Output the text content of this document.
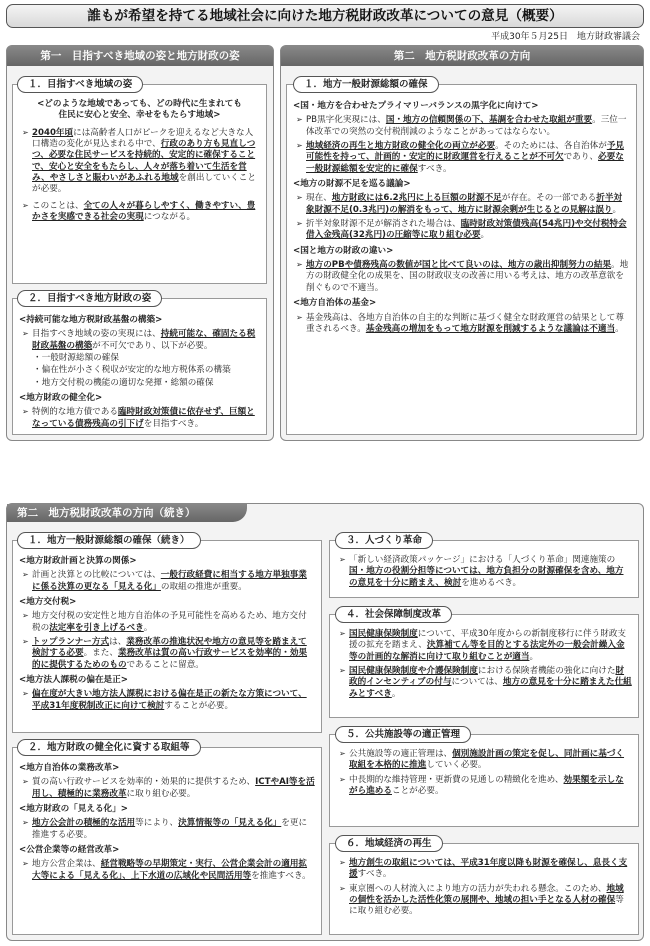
誰もが希望を持てる地域社会に向けた地方税財政改革についての意見（概要）
平成30年５月25日　地方財政審議会
第一　目指すべき地域の姿と地方財政の姿
<どのような地域であっても、どの時代に生まれても
住民に安心と安全、幸せをもたらす地域>
➢ 2040年頃には高齢者人口がピークを迎えるなど大きな人口構造の変化が見込まれる中で、行政のあり方も見直しつつ、必要な住民サービスを持続的、安定的に確保することで、安心と安全をもたらし、人々が落ち着いて生活を営み、やさしさと賑わいがあふれる地域を創出していくことが必要。
➢ このことは、全ての人々が暮らしやすく、働きやすい、豊かさを実感できる社会の実現につながる。
１．目指すべき地域の姿
<持続可能な地方税財政基盤の構築>
➢ 目指すべき地域の姿の実現には、持続可能な、確固たる税財政基盤の構築が不可欠であり、以下が必要。
・一般財源総額の確保
・偏在性が小さく税収が安定的な地方税体系の構築
・地方交付税の機能の適切な発揮・総額の確保
<地方財政の健全化>
➢ 特例的な地方債である臨時財政対策債に依存せず、巨額となっている債務残高の引下げを目指すべき。
２．目指すべき地方財政の姿
第二　地方税財政改革の方向
<国・地方を合わせたプライマリーバランスの黒字化に向けて>
➢ PB黒字化実現には、国・地方の信頼関係の下、基調を合わせた取組が重要。三位一体改革での突然の交付税削減のようなことがあってはならない。
➢ 地域経済の再生と地方財政の健全化の両立が必要。そのためには、各自治体が予見可能性を持って、計画的・安定的に財政運営を行えることが不可欠であり、必要な一般財源総額を安定的に確保すべき。
<地方の財源不足を巡る議論>
➢ 現在、地方財政には6.2兆円に上る巨額の財源不足が存在。その一部である折半対象財源不足(0.3兆円)の解消をもって、地方に財源余剰が生じるとの見解は誤り。
➢ 折半対象財源不足が解消された場合は、臨時財政対策債残高(54兆円)や交付税特会借入金残高(32兆円)の圧縮等に取り組む必要。
<国と地方の財政の違い>
➢ 地方のPBや債務残高の数値が国と比べて良いのは、地方の歳出抑制努力の結果。地方の財政健全化の成果を、国の財政収支の改善に用いる考えは、地方の改革意欲を削ぐもので不適当。
<地方自治体の基金>
➢ 基金残高は、各地方自治体の自主的な判断に基づく健全な財政運営の結果として尊重されるべき。基金残高の増加をもって地方財源を削減するような議論は不適当。
１．地方一般財源総額の確保
第二　地方税財政改革の方向（続き）
<地方財政計画と決算の関係>
➢ 計画と決算との比較については、一般行政経費に相当する地方単独事業に係る決算の更なる「見える化」の取組の推進が重要。
<地方交付税>
➢ 地方交付税の安定性と地方自治体の予見可能性を高めるため、地方交付税の法定率を引き上げるべき。
➢ トップランナー方式は、業務改革の推進状況や地方の意見等を踏まえて検討する必要。また、業務改革は質の高い行政サービスを効率的・効果的に提供するためのものであることに留意。
<地方法人課税の偏在是正>
➢ 偏在度が大きい地方法人課税における偏在是正の新たな方策について、平成31年度税制改正に向けて検討することが必要。
１．地方一般財源総額の確保（続き）
<地方自治体の業務改革>
➢ 質の高い行政サービスを効率的・効果的に提供するため、ICTやAI等を活用し、積極的に業務改革に取り組む必要。
<地方財政の「見える化」>
➢ 地方公会計の積極的な活用等により、決算情報等の「見える化」を更に推進する必要。
<公営企業等の経営改革>
➢ 地方公営企業は、経営戦略等の早期策定・実行、公営企業会計の適用拡大等による「見える化」、上下水道の広域化や民間活用等を推進すべき。
２．地方財政の健全化に資する取組等
➢ 「新しい経済政策パッケージ」における「人づくり革命」関連施策の国・地方の役割分担等については、地方負担分の財源確保を含め、地方の意見を十分に踏まえ、検討を進めるべき。
３．人づくり革命
➢ 国民健康保険制度について、平成30年度からの新制度移行に伴う財政支援の拡充を踏まえ、決算補てん等を目的とする法定外の一般会計繰入金等の計画的な解消に向けて取り組むことが適当。
➢ 国民健康保険制度や介護保険制度における保険者機能の強化に向けた財政的インセンティブの付与については、地方の意見を十分に踏まえた仕組みとすべき。
４．社会保障制度改革
➢ 公共施設等の適正管理は、個別施設計画の策定を促し、同計画に基づく取組を本格的に推進していく必要。
➢ 中長期的な維持管理・更新費の見通しの精緻化を進め、効果額を示しながら進めることが必要。
５．公共施設等の適正管理
➢ 地方創生の取組については、平成31年度以降も財源を確保し、息長く支援すべき。
➢ 東京圏への人材流入により地方の活力が失われる懸念。このため、地域の個性を活かした活性化策の展開や、地域の担い手となる人材の確保等に取り組む必要。
６．地域経済の再生
